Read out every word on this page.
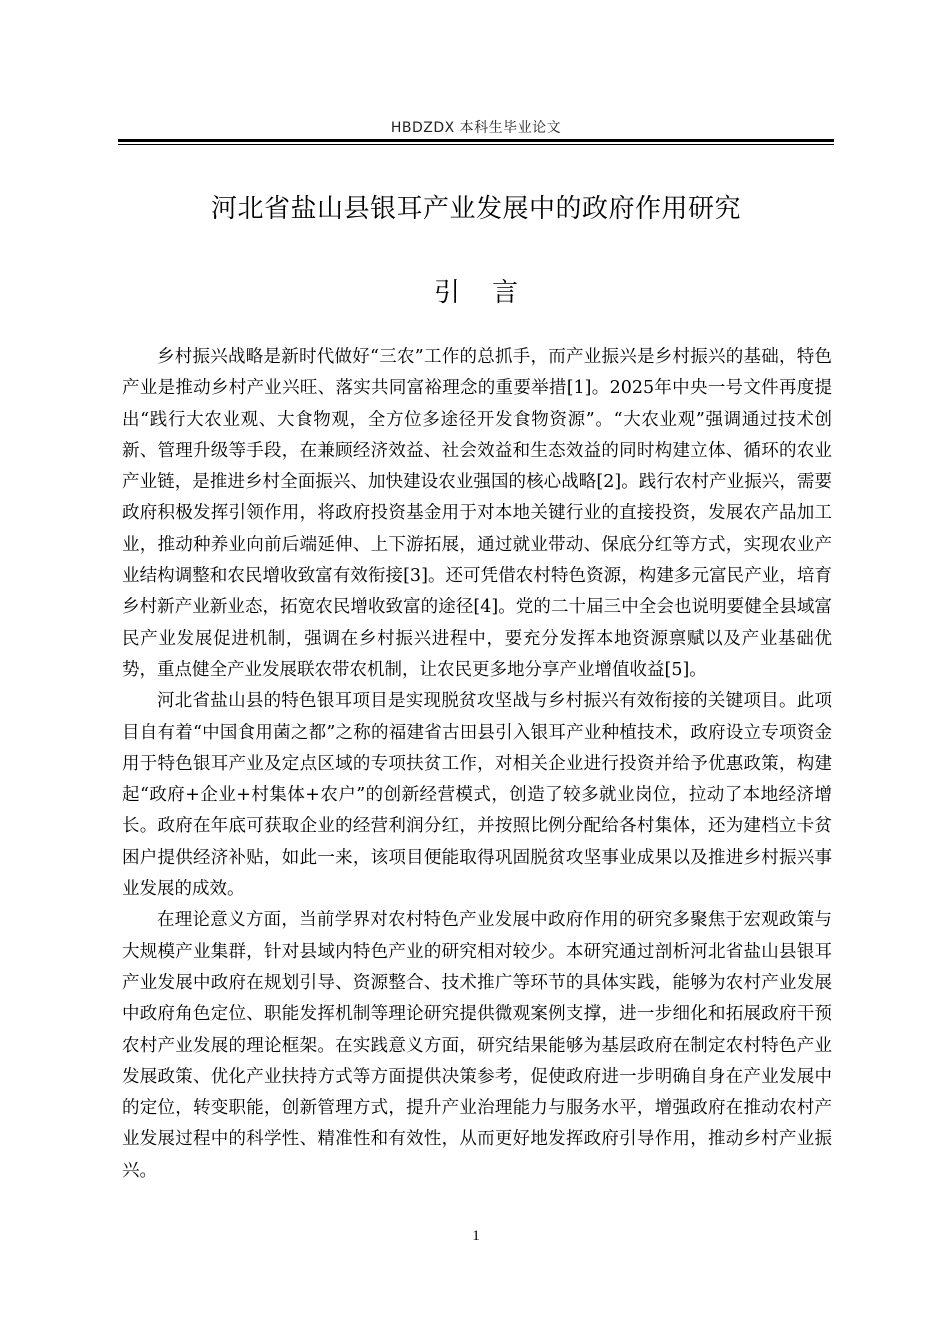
HBDZDX 本科生毕业论文
河北省盐山县银耳产业发展中的政府作用研究
引言

乡村振兴战略是新时代做好“三农”工作的总抓手，而产业振兴是乡村振兴的基础，特色产业是推动乡村产业兴旺、落实共同富裕理念的重要举措[1]。2025年中央一号文件再度提出“践行大农业观、大食物观，全方位多途径开发食物资源”。“大农业观”强调通过技术创新、管理升级等手段，在兼顾经济效益、社会效益和生态效益的同时构建立体、循环的农业产业链，是推进乡村全面振兴、加快建设农业强国的核心战略[2]。践行农村产业振兴，需要政府积极发挥引领作用，将政府投资基金用于对本地关键行业的直接投资，发展农产品加工业，推动种养业向前后端延伸、上下游拓展，通过就业带动、保底分红等方式，实现农业产业结构调整和农民增收致富有效衔接[3]。还可凭借农村特色资源，构建多元富民产业，培育乡村新产业新业态，拓宽农民增收致富的途径[4]。党的二十届三中全会也说明要健全县域富民产业发展促进机制，强调在乡村振兴进程中，要充分发挥本地资源禀赋以及产业基础优势，重点健全产业发展联农带农机制，让农民更多地分享产业增值收益[5]。

河北省盐山县的特色银耳项目是实现脱贫攻坚战与乡村振兴有效衔接的关键项目。此项目自有着“中国食用菌之都”之称的福建省古田县引入银耳产业种植技术，政府设立专项资金用于特色银耳产业及定点区域的专项扶贫工作，对相关企业进行投资并给予优惠政策，构建起“政府+企业+村集体+农户”的创新经营模式，创造了较多就业岗位，拉动了本地经济增长。政府在年底可获取企业的经营利润分红，并按照比例分配给各村集体，还为建档立卡贫困户提供经济补贴，如此一来，该项目便能取得巩固脱贫攻坚事业成果以及推进乡村振兴事业发展的成效。

在理论意义方面，当前学界对农村特色产业发展中政府作用的研究多聚焦于宏观政策与大规模产业集群，针对县域内特色产业的研究相对较少。本研究通过剖析河北省盐山县银耳产业发展中政府在规划引导、资源整合、技术推广等环节的具体实践，能够为农村产业发展中政府角色定位、职能发挥机制等理论研究提供微观案例支撑，进一步细化和拓展政府干预农村产业发展的理论框架。在实践意义方面，研究结果能够为基层政府在制定农村特色产业发展政策、优化产业扶持方式等方面提供决策参考，促使政府进一步明确自身在产业发展中的定位，转变职能，创新管理方式，提升产业治理能力与服务水平，增强政府在推动农村产业发展过程中的科学性、精准性和有效性，从而更好地发挥政府引导作用，推动乡村产业振兴。

1
